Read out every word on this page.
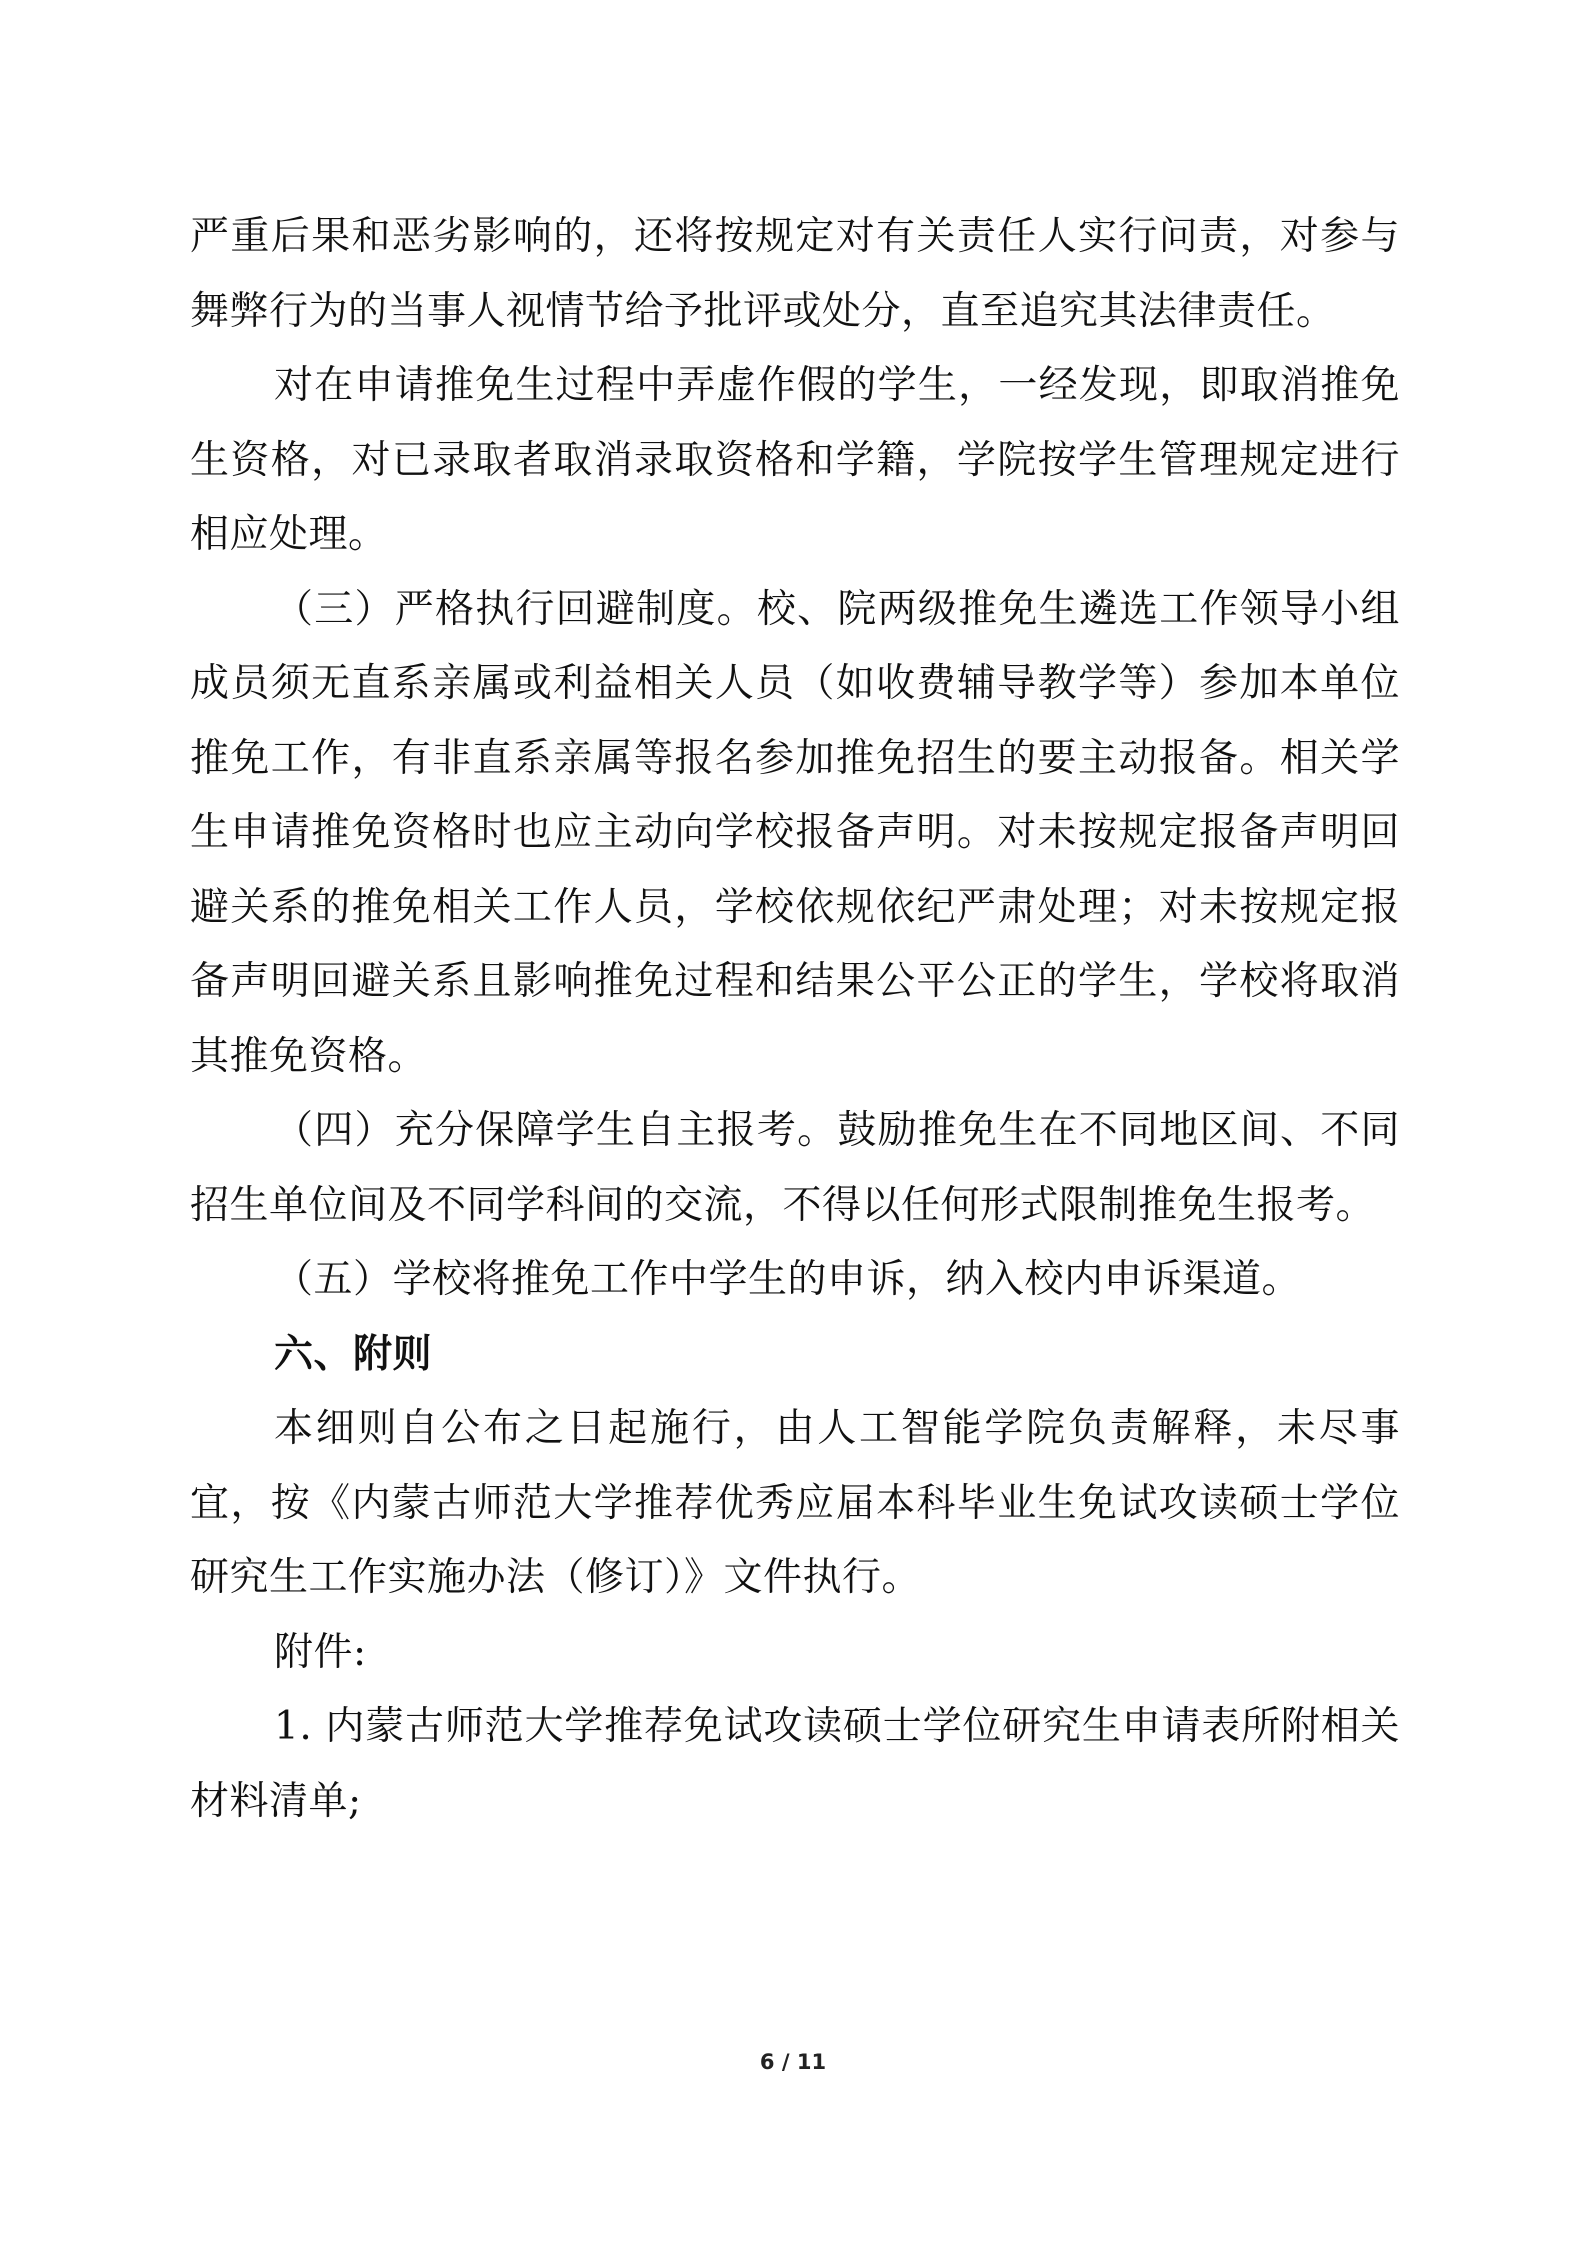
严重后果和恶劣影响的，还将按规定对有关责任人实行问责，对参与舞弊行为的当事人视情节给予批评或处分，直至追究其法律责任。

对在申请推免生过程中弄虚作假的学生，一经发现，即取消推免生资格，对已录取者取消录取资格和学籍，学院按学生管理规定进行相应处理。

（三）严格执行回避制度。校、院两级推免生遴选工作领导小组成员须无直系亲属或利益相关人员（如收费辅导教学等）参加本单位推免工作，有非直系亲属等报名参加推免招生的要主动报备。相关学生申请推免资格时也应主动向学校报备声明。对未按规定报备声明回避关系的推免相关工作人员，学校依规依纪严肃处理；对未按规定报备声明回避关系且影响推免过程和结果公平公正的学生，学校将取消其推免资格。

（四）充分保障学生自主报考。鼓励推免生在不同地区间、不同招生单位间及不同学科间的交流，不得以任何形式限制推免生报考。

（五）学校将推免工作中学生的申诉，纳入校内申诉渠道。

六、附则

本细则自公布之日起施行，由人工智能学院负责解释，未尽事宜，按《内蒙古师范大学推荐优秀应届本科毕业生免试攻读硕士学位研究生工作实施办法（修订）》文件执行。

附件:

1. 内蒙古师范大学推荐免试攻读硕士学位研究生申请表所附相关材料清单;

6 / 11
